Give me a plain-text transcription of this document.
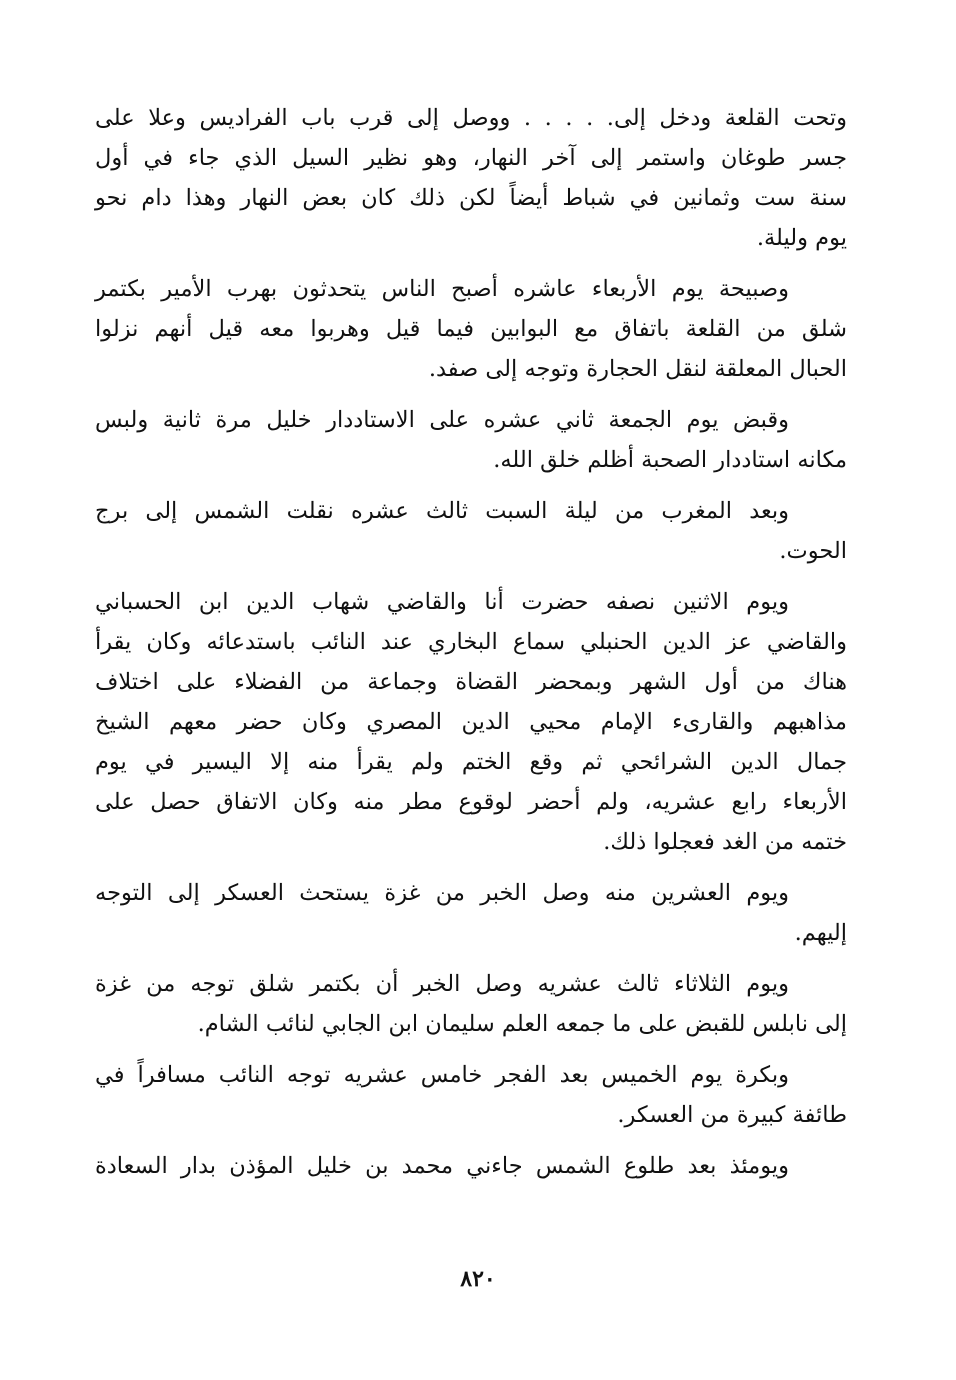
وتحت القلعة ودخل إلى. . . . . ووصل إلى قرب باب الفراديس وعلا على
جسر طوغان واستمر إلى آخر النهار، وهو نظير السيل الذي جاء في أول
سنة ست وثمانين في شباط أيضاً لكن ذلك كان بعض النهار وهذا دام نحو
يوم وليلة.

وصبيحة يوم الأربعاء عاشره أصبح الناس يتحدثون بهرب الأمير بكتمر
شلق من القلعة باتفاق مع البوابين فيما قيل وهربوا معه قيل أنهم نزلوا
الحبال المعلقة لنقل الحجارة وتوجه إلى صفد.

وقبض يوم الجمعة ثاني عشره على الاستاددار خليل مرة ثانية ولبس
مكانه استاددار الصحبة أظلم خلق الله.

وبعد المغرب من ليلة السبت ثالث عشره نقلت الشمس إلى برج
الحوت.

ويوم الاثنين نصفه حضرت أنا والقاضي شهاب الدين ابن الحسباني
والقاضي عز الدين الحنبلي سماع البخاري عند النائب باستدعائه وكان يقرأ
هناك من أول الشهر وبمحضر القضاة وجماعة من الفضلاء على اختلاف
مذاهبهم والقارىء الإمام محيي الدين المصري وكان حضر معهم الشيخ
جمال الدين الشرائحي ثم وقع الختم ولم يقرأ منه إلا اليسير في يوم
الأربعاء رابع عشريه، ولم أحضر لوقوع مطر منه وكان الاتفاق حصل على
ختمه من الغد فعجلوا ذلك.

ويوم العشرين منه وصل الخبر من غزة يستحث العسكر إلى التوجه
إليهم.

ويوم الثلاثاء ثالث عشريه وصل الخبر أن بكتمر شلق توجه من غزة
إلى نابلس للقبض على ما جمعه العلم سليمان ابن الجابي لنائب الشام.

وبكرة يوم الخميس بعد الفجر خامس عشريه توجه النائب مسافراً في
طائفة كبيرة من العسكر.

ويومئذ بعد طلوع الشمس جاءني محمد بن خليل المؤذن بدار السعادة

٨٢٠
